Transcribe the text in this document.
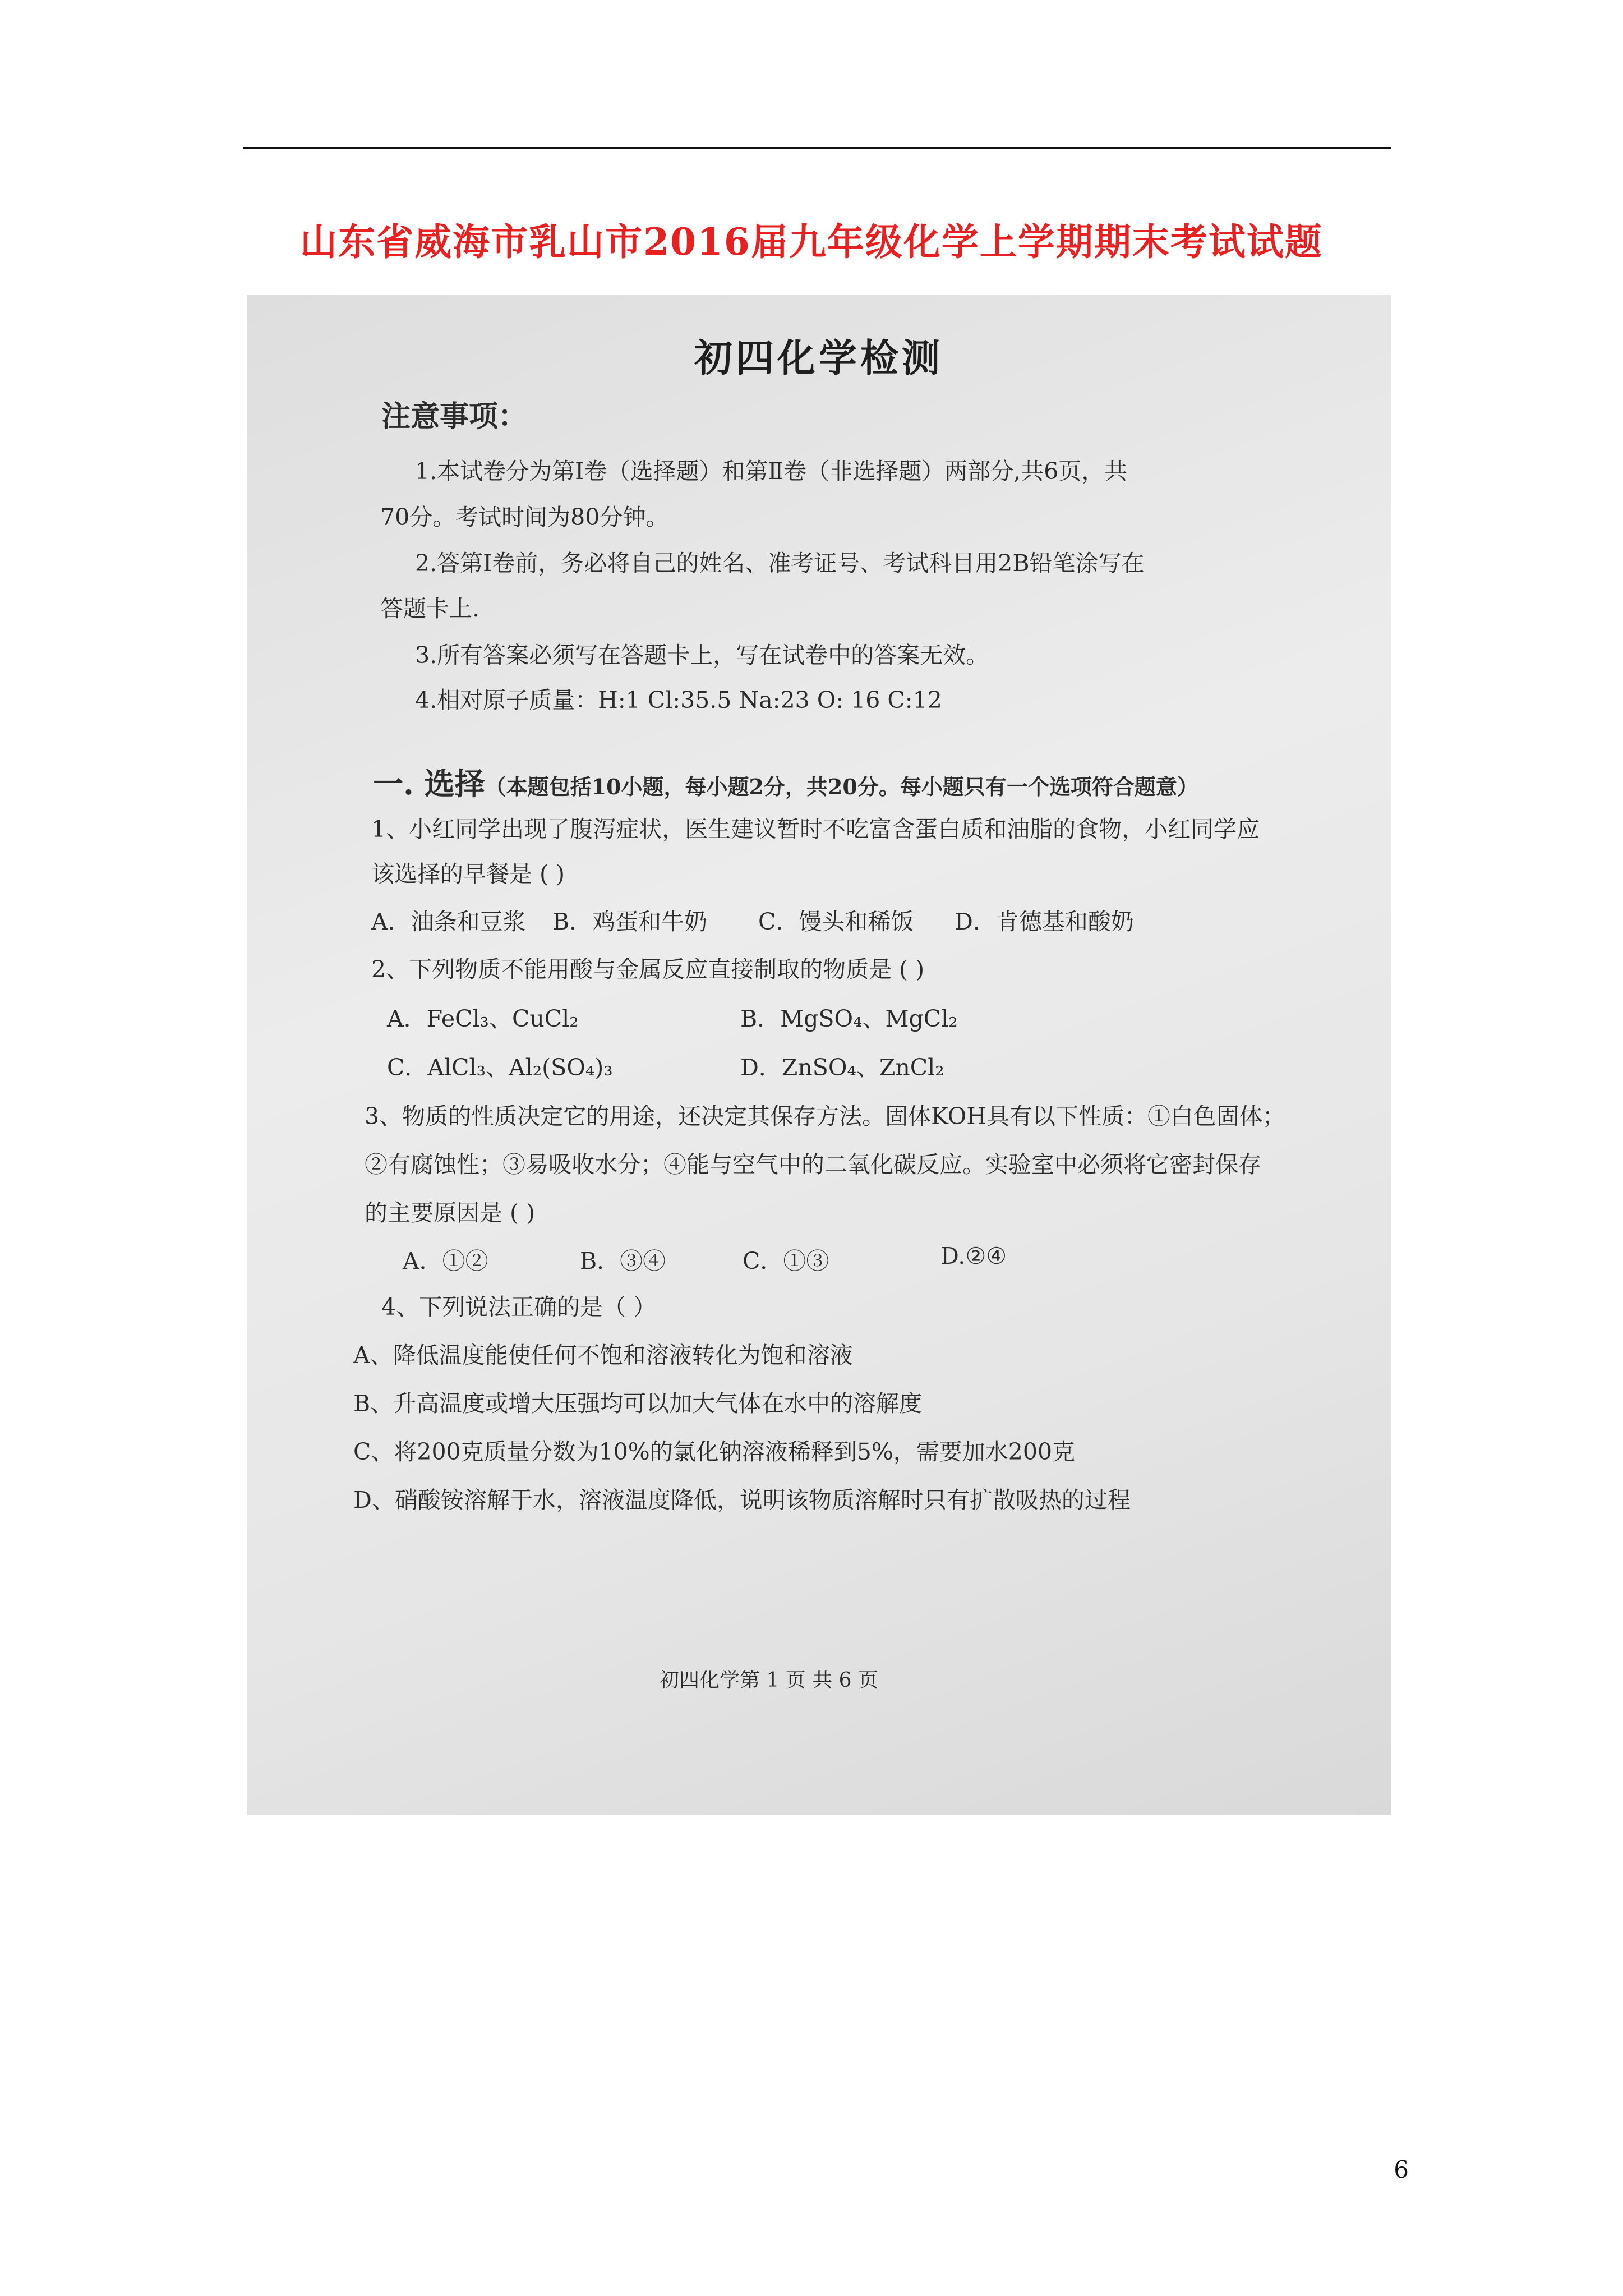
山东省威海市乳山市2016届九年级化学上学期期末考试试题
初四化学检测
注意事项：
1.本试卷分为第Ⅰ卷（选择题）和第Ⅱ卷（非选择题）两部分,共6页，共
70分。考试时间为80分钟。
2.答第Ⅰ卷前，务必将自己的姓名、准考证号、考试科目用2B铅笔涂写在
答题卡上.
3.所有答案必须写在答题卡上，写在试卷中的答案无效。
4.相对原子质量：H:1 Cl:35.5 Na:23 O: 16 C:12
一. 选择（本题包括10小题，每小题2分，共20分。每小题只有一个选项符合题意）
1、小红同学出现了腹泻症状，医生建议暂时不吃富含蛋白质和油脂的食物，小红同学应
该选择的早餐是 ( )
A．油条和豆浆 B．鸡蛋和牛奶 C．馒头和稀饭 D．肯德基和酸奶
2、下列物质不能用酸与金属反应直接制取的物质是 ( )
A．FeCl₃、CuCl₂	B．MgSO₄、MgCl₂
C．AlCl₃、Al₂(SO₄)₃	D．ZnSO₄、ZnCl₂
3、物质的性质决定它的用途，还决定其保存方法。固体KOH具有以下性质：①白色固体；
②有腐蚀性；③易吸收水分；④能与空气中的二氧化碳反应。实验室中必须将它密封保存
的主要原因是 ( )
A．①②	B．③④	C．①③	D.②④
4、下列说法正确的是（ ）
A、降低温度能使任何不饱和溶液转化为饱和溶液
B、升高温度或增大压强均可以加大气体在水中的溶解度
C、将200克质量分数为10%的氯化钠溶液稀释到5%，需要加水200克
D、硝酸铵溶解于水，溶液温度降低，说明该物质溶解时只有扩散吸热的过程
初四化学第 1 页 共 6 页
6
